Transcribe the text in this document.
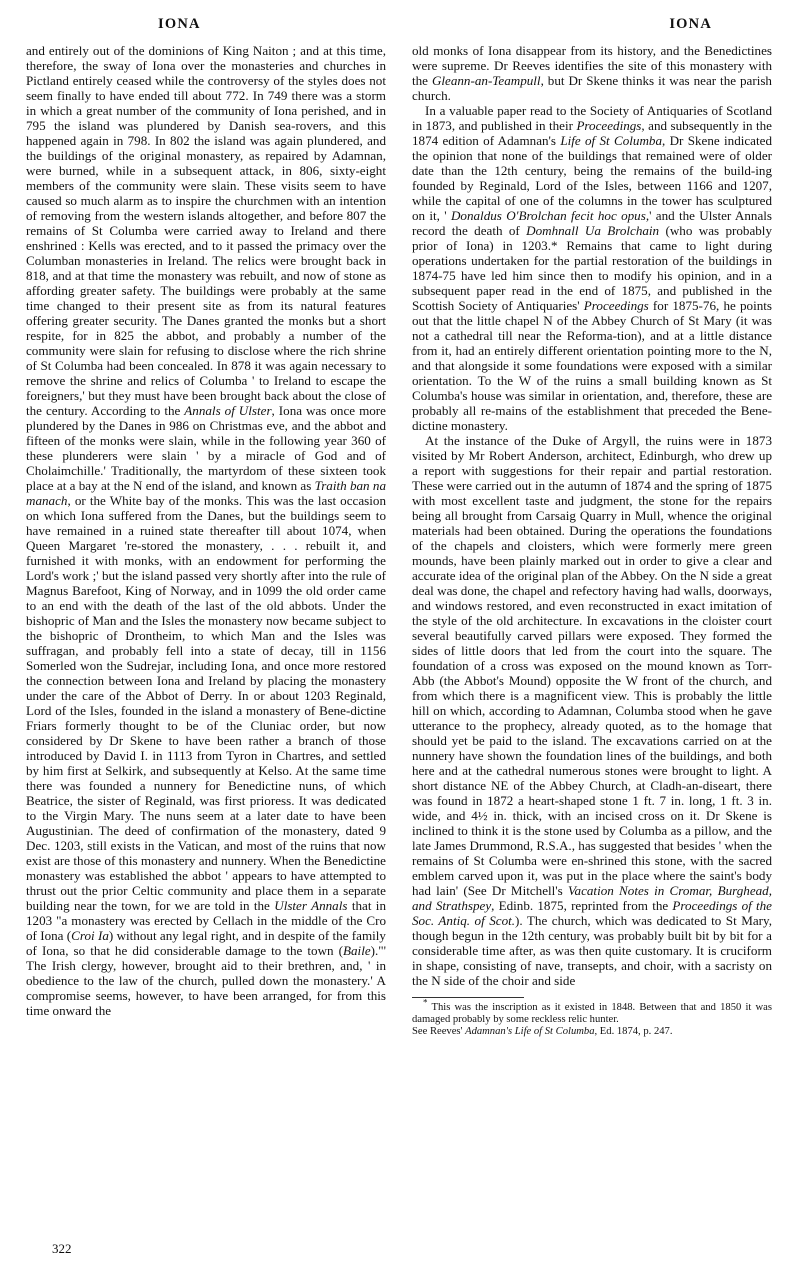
IONA	IONA

and entirely out of the dominions of King Naiton ; and at this time, therefore, the sway of Iona over the monasteries and churches in Pictland entirely ceased while the controversy of the styles does not seem finally to have ended till about 772. In 749 there was a storm in which a great number of the community of Iona perished, and in 795 the island was plundered by Danish sea-rovers, and this happened again in 798. In 802 the island was again plundered, and the buildings of the original monastery, as repaired by Adamnan, were burned, while in a subsequent attack, in 806, sixty-eight members of the community were slain. These visits seem to have caused so much alarm as to inspire the churchmen with an intention of removing from the western islands altogether, and before 807 the remains of St Columba were carried away to Ireland and there enshrined : Kells was erected, and to it passed the primacy over the Columban monasteries in Ireland. The relics were brought back in 818, and at that time the monastery was rebuilt, and now of stone as affording greater safety. The buildings were probably at the same time changed to their present site as from its natural features offering greater security. The Danes granted the monks but a short respite, for in 825 the abbot, and probably a number of the community were slain for refusing to disclose where the rich shrine of St Columba had been concealed. In 878 it was again necessary to remove the shrine and relics of Columba ' to Ireland to escape the foreigners,' but they must have been brought back about the close of the century. According to the Annals of Ulster, Iona was once more plundered by the Danes in 986 on Christmas eve, and the abbot and fifteen of the monks were slain, while in the following year 360 of these plunderers were slain ' by a miracle of God and of Cholaimchille.' Traditionally, the martyrdom of these sixteen took place at a bay at the N end of the island, and known as Traith ban na manach, or the White bay of the monks. This was the last occasion on which Iona suffered from the Danes, but the buildings seem to have remained in a ruined state thereafter till about 1074, when Queen Margaret 're-stored the monastery, . . . rebuilt it, and furnished it with monks, with an endowment for performing the Lord's work ;' but the island passed very shortly after into the rule of Magnus Barefoot, King of Norway, and in 1099 the old order came to an end with the death of the last of the old abbots. Under the bishopric of Man and the Isles the monastery now became subject to the bishopric of Drontheim, to which Man and the Isles was suffragan, and probably fell into a state of decay, till in 1156 Somerled won the Sudrejar, including Iona, and once more restored the connection between Iona and Ireland by placing the monastery under the care of the Abbot of Derry. In or about 1203 Reginald, Lord of the Isles, founded in the island a monastery of Bene-dictine Friars formerly thought to be of the Cluniac order, but now considered by Dr Skene to have been rather a branch of those introduced by David I. in 1113 from Tyron in Chartres, and settled by him first at Selkirk, and subsequently at Kelso. At the same time there was founded a nunnery for Benedictine nuns, of which Beatrice, the sister of Reginald, was first prioress. It was dedicated to the Virgin Mary. The nuns seem at a later date to have been Augustinian. The deed of confirmation of the monastery, dated 9 Dec. 1203, still exists in the Vatican, and most of the ruins that now exist are those of this monastery and nunnery. When the Benedictine monastery was established the abbot ' appears to have attempted to thrust out the prior Celtic community and place them in a separate building near the town, for we are told in the Ulster Annals that in 1203 "a monastery was erected by Cellach in the middle of the Cro of Iona (Croi Ia) without any legal right, and in despite of the family of Iona, so that he did considerable damage to the town (Baile)."' The Irish clergy, however, brought aid to their brethren, and, ' in obedience to the law of the church, pulled down the monastery.' A compromise seems, however, to have been arranged, for from this time onward the

old monks of Iona disappear from its history, and the Benedictines were supreme. Dr Reeves identifies the site of this monastery with the Gleann-an-Teampull, but Dr Skene thinks it was near the parish church.

In a valuable paper read to the Society of Antiquaries of Scotland in 1873, and published in their Proceedings, and subsequently in the 1874 edition of Adamnan's Life of St Columba, Dr Skene indicated the opinion that none of the buildings that remained were of older date than the 12th century, being the remains of the build-ing founded by Reginald, Lord of the Isles, between 1166 and 1207, while the capital of one of the columns in the tower has sculptured on it, ' Donaldus O'Brolchan fecit hoc opus,' and the Ulster Annals record the death of Domhnall Ua Brolchain (who was probably prior of Iona) in 1203.* Remains that came to light during operations undertaken for the partial restoration of the buildings in 1874-75 have led him since then to modify his opinion, and in a subsequent paper read in the end of 1875, and published in the Scottish Society of Antiquaries' Proceedings for 1875-76, he points out that the little chapel N of the Abbey Church of St Mary (it was not a cathedral till near the Reforma-tion), and at a little distance from it, had an entirely different orientation pointing more to the N, and that alongside it some foundations were exposed with a similar orientation. To the W of the ruins a small building known as St Columba's house was similar in orientation, and, therefore, these are probably all re-mains of the establishment that preceded the Bene-dictine monastery.

At the instance of the Duke of Argyll, the ruins were in 1873 visited by Mr Robert Anderson, architect, Edinburgh, who drew up a report with suggestions for their repair and partial restoration. These were carried out in the autumn of 1874 and the spring of 1875 with most excellent taste and judgment, the stone for the repairs being all brought from Carsaig Quarry in Mull, whence the original materials had been obtained. During the operations the foundations of the chapels and cloisters, which were formerly mere green mounds, have been plainly marked out in order to give a clear and accurate idea of the original plan of the Abbey. On the N side a great deal was done, the chapel and refectory having had walls, doorways, and windows restored, and even reconstructed in exact imitation of the style of the old architecture. In excavations in the cloister court several beautifully carved pillars were exposed. They formed the sides of little doors that led from the court into the square. The foundation of a cross was exposed on the mound known as Torr-Abb (the Abbot's Mound) opposite the W front of the church, and from which there is a magnificent view. This is probably the little hill on which, according to Adamnan, Columba stood when he gave utterance to the prophecy, already quoted, as to the homage that should yet be paid to the island. The excavations carried on at the nunnery have shown the foundation lines of the buildings, and both here and at the cathedral numerous stones were brought to light. A short distance NE of the Abbey Church, at Cladh-an-diseart, there was found in 1872 a heart-shaped stone 1 ft. 7 in. long, 1 ft. 3 in. wide, and 4½ in. thick, with an incised cross on it. Dr Skene is inclined to think it is the stone used by Columba as a pillow, and the late James Drummond, R.S.A., has suggested that besides ' when the remains of St Columba were en-shrined this stone, with the sacred emblem carved upon it, was put in the place where the saint's body had lain' (See Dr Mitchell's Vacation Notes in Cromar, Burghead, and Strathspey, Edinb. 1875, reprinted from the Proceedings of the Soc. Antiq. of Scot.). The church, which was dedicated to St Mary, though begun in the 12th century, was probably built bit by bit for a considerable time after, as was then quite customary. It is cruciform in shape, consisting of nave, transepts, and choir, with a sacristy on the N side of the choir and side

* This was the inscription as it existed in 1848. Between that and 1850 it was damaged probably by some reckless relic hunter.
See Reeves' Adamnan's Life of St Columba, Ed. 1874, p. 247.
322
